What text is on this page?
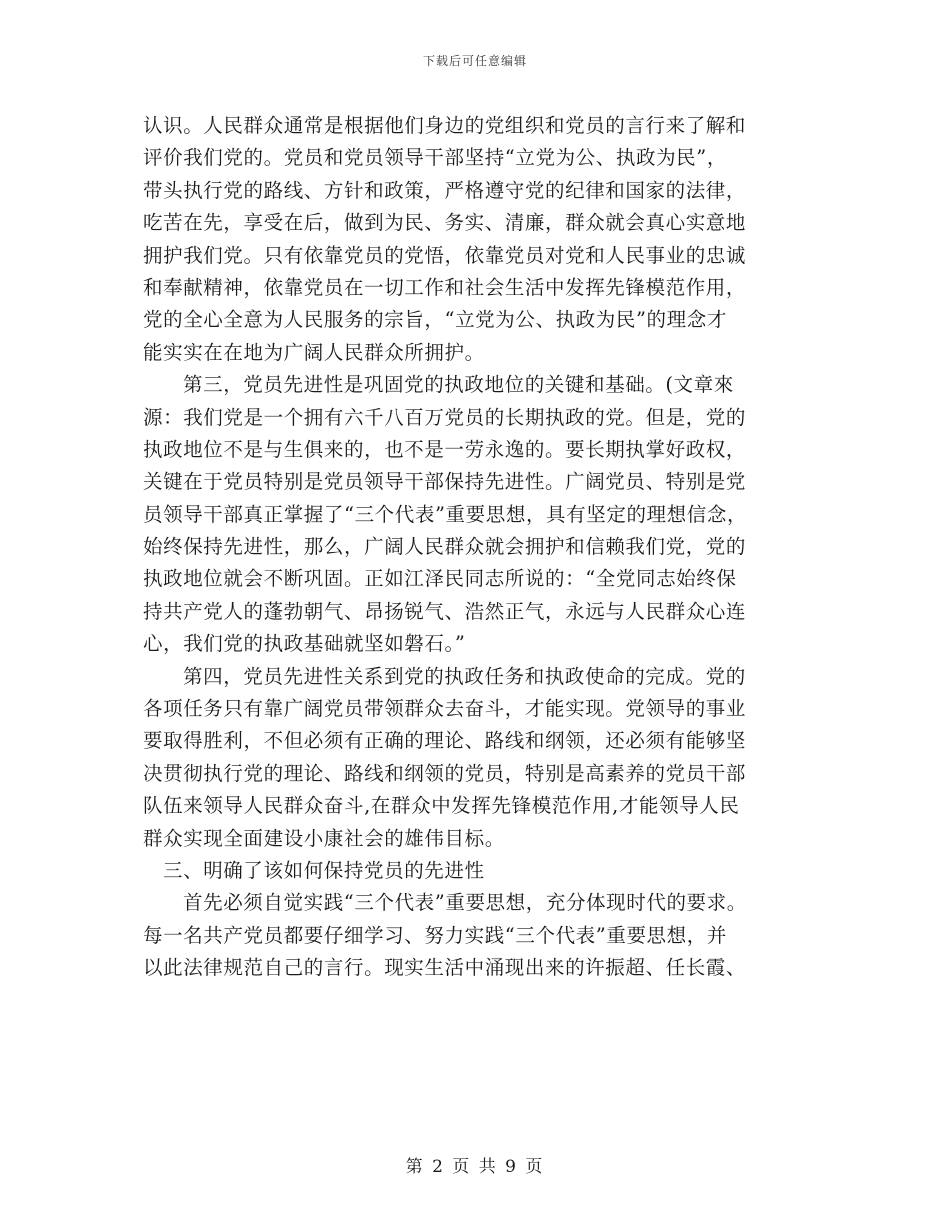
下载后可任意编辑
认识。人民群众通常是根据他们身边的党组织和党员的言行来了解和
评价我们党的。党员和党员领导干部坚持“立党为公、执政为民”，
带头执行党的路线、方针和政策，严格遵守党的纪律和国家的法律，
吃苦在先，享受在后，做到为民、务实、清廉，群众就会真心实意地
拥护我们党。只有依靠党员的党悟，依靠党员对党和人民事业的忠诚
和奉献精神，依靠党员在一切工作和社会生活中发挥先锋模范作用，
党的全心全意为人民服务的宗旨，“立党为公、执政为民”的理念才
能实实在在地为广阔人民群众所拥护。
第三，党员先进性是巩固党的执政地位的关键和基础。(文章來
源：我们党是一个拥有六千八百万党员的长期执政的党。但是，党的
执政地位不是与生俱来的，也不是一劳永逸的。要长期执掌好政权，
关键在于党员特别是党员领导干部保持先进性。广阔党员、特别是党
员领导干部真正掌握了“三个代表”重要思想，具有坚定的理想信念，
始终保持先进性，那么，广阔人民群众就会拥护和信赖我们党，党的
执政地位就会不断巩固。正如江泽民同志所说的：“全党同志始终保
持共产党人的蓬勃朝气、昂扬锐气、浩然正气，永远与人民群众心连
心，我们党的执政基础就坚如磐石。”
第四，党员先进性关系到党的执政任务和执政使命的完成。党的
各项任务只有靠广阔党员带领群众去奋斗，才能实现。党领导的事业
要取得胜利，不但必须有正确的理论、路线和纲领，还必须有能够坚
决贯彻执行党的理论、路线和纲领的党员，特别是高素养的党员干部
队伍来领导人民群众奋斗,在群众中发挥先锋模范作用,才能领导人民
群众实现全面建设小康社会的雄伟目标。
三、明确了该如何保持党员的先进性
首先必须自觉实践“三个代表”重要思想，充分体现时代的要求。
每一名共产党员都要仔细学习、努力实践“三个代表”重要思想，并
以此法律规范自己的言行。现实生活中涌现出来的许振超、任长霞、
第 2 页 共 9 页
